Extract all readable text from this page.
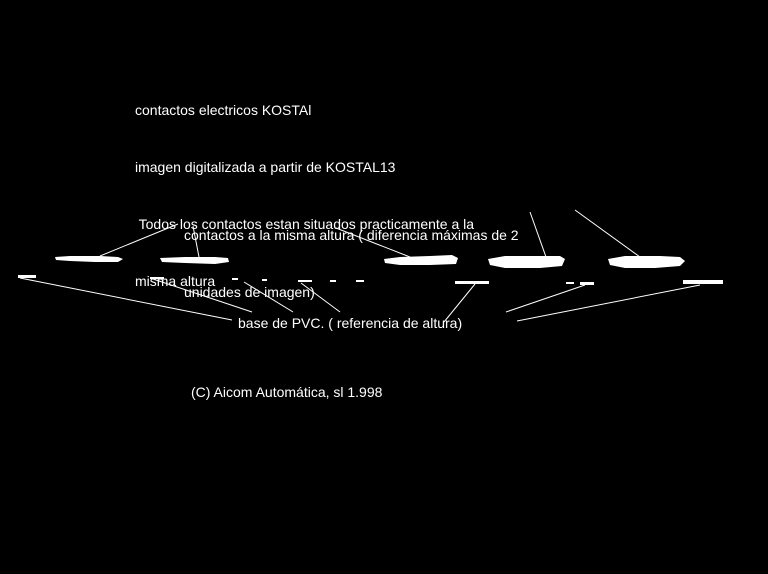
contactos electricos KOSTAl

imagen digitalizada a partir de KOSTAL13

Todos los contactos estan situados practicamente a la

misma altura

contactos a la misma altura ( diferencia máximas de 2

unidades de imagen)

base de PVC. ( referencia de altura)
(C) Aicom Automática, sl 1.998
